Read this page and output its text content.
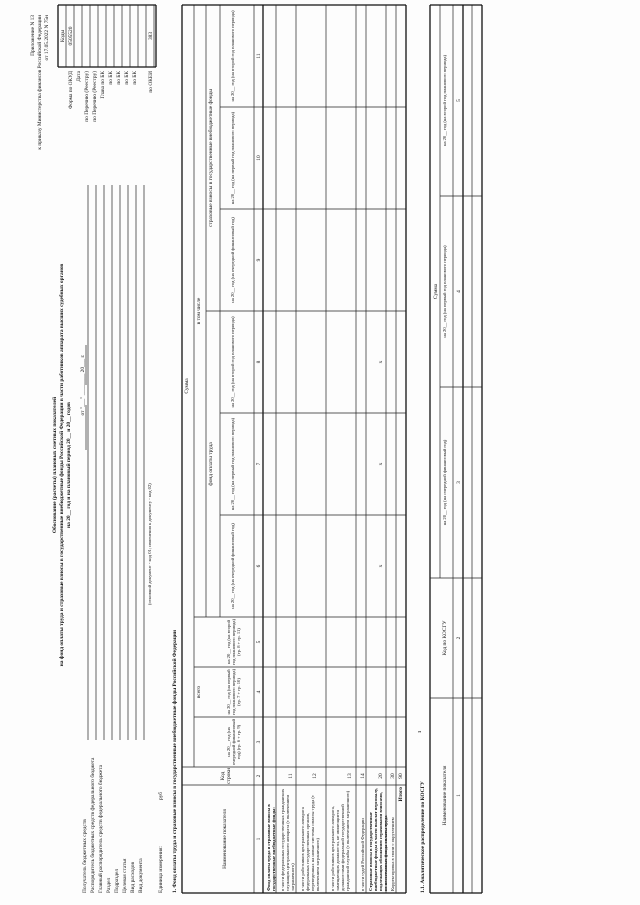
Приложение N 13 к приказу Министерства финансов Российской Федерации от 17.05.2022 N 75н
Обоснование (расчеты) плановых сметных показателей на фонд оплаты труда и страховые взносы в государственные внебюджетные фонды Российской Федерации в части работников аппарата высших судебных органов на 20__ год и на плановый период 20__ и 20__ годов
от "___" ________ 20___ г.
Получатель бюджетных средств Распорядитель бюджетных средств федерального бюджета Главный распорядитель средств федерального бюджета Раздел Подраздел Целевая статья Вид расходов Вид документа
(основной документ - код 01; изменения к документу - код 02)
Единица измерения:
руб
Коды
Форма по ОКУД
0505520
Дата по Перечню (Реестру) по Перечню (Реестру) Глава по БК по БК по БК по БК по БК по ОКЕИ
383
1. Фонд оплаты труда и страховые взносы в государственные внебюджетные фонды Российской Федерации	Наименование показателя
Код строки
Сумма
всего
в том числе
фонд оплаты труда
страховые взносы в государственные внебюджетные фонды
на 20__ год (на очередной финансовый год) (гр. 6 + гр. 9)
на 20__ год (на первый год планового периода) (гр. 7 + гр. 10)
на 20__ год (на второй год планового периода) (гр. 8 + гр. 11)
на 20__ год (на очередной финансовый год)
на 20__ год (на первый год планового периода)
на 20__ год (на второй год планового периода)
на 20__ год (на очередной финансовый год)
на 20__ год (на первый год планового периода)
на 20__ год (на второй год планового периода)
1
2
3
4
5
6
7
8
9
10
11
Фонд оплаты труда и страховые взносы в государственные внебюджетные фонды: в части федеральных государственных гражданских служащих центрального аппарата (с включением заграничного)
11
в части работников центрального аппарата федеральных государственных органов, переведенных на новые системы оплаты труда (с включением заграничного)
12
в части работников центрального аппарата, замещающих должности, не являющиеся должностями федеральной государственной гражданской службы (с включением заграничного)
13
в части судей Российской Федерации
14
Страховые взносы в государственные внебюджетные фонды в части выплат персоналу, подлежащих обложению страховыми взносами, из несоставных фонда оплаты труда
20
Корректировка в связи с округлением
30
Итого
90
x
x
x
1.1. Аналитическое распределение по КОСГУ
1
Наименование показателя
Код по КОСГУ
Сумма
на 20__ год (на очередной финансовый год)
на 20__ год (на первый год планового периода)
на 20__ год (на второй год планового периода)
1
2
3
4
5
